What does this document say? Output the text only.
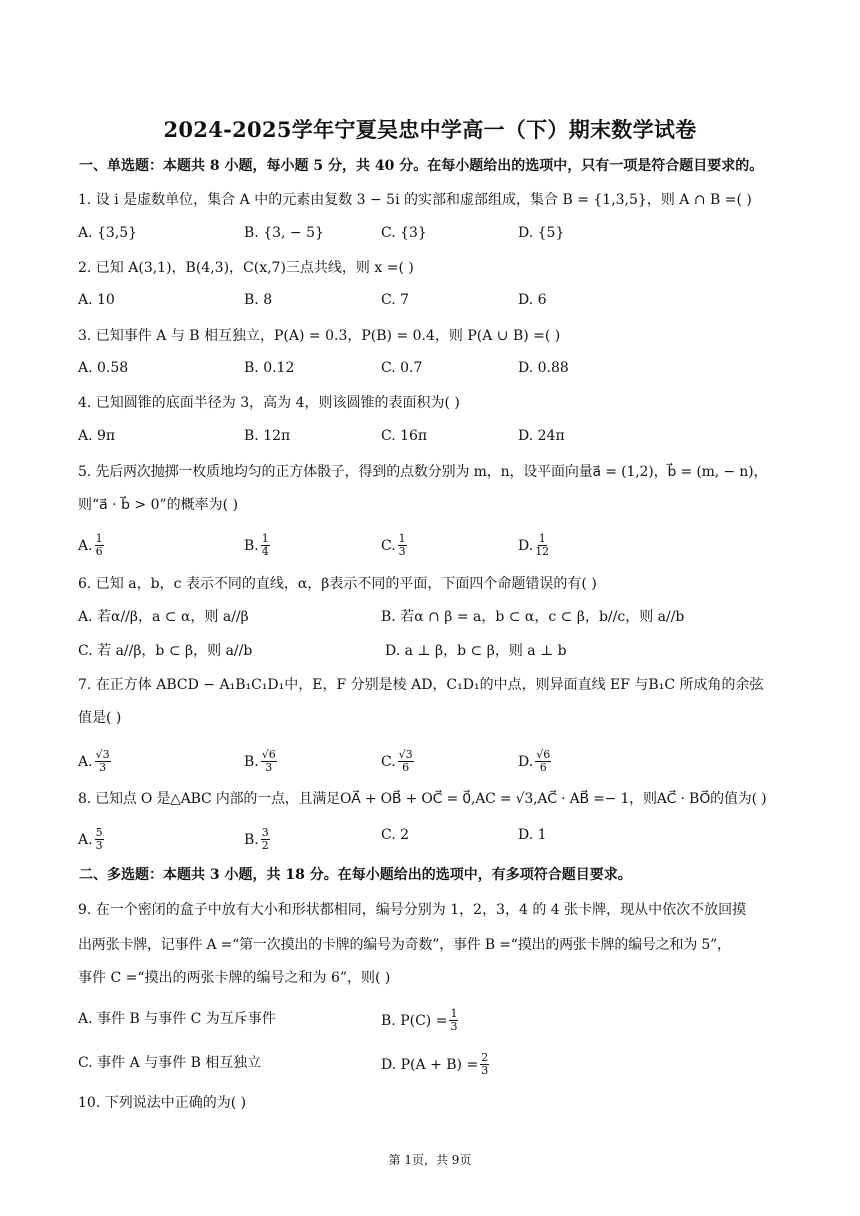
2024-2025学年宁夏吴忠中学高一（下）期末数学试卷
一、单选题：本题共 8 小题，每小题 5 分，共 40 分。在每小题给出的选项中，只有一项是符合题目要求的。
1. 设 i 是虚数单位，集合 A 中的元素由复数 3 − 5i 的实部和虚部组成，集合 B = {1,3,5}，则 A ∩ B =( )
A. {3,5}	B. {3, − 5}	C. {3}	D. {5}
2. 已知 A(3,1)，B(4,3)，C(x,7)三点共线，则 x =( )
A. 10	B. 8	C. 7	D. 6
3. 已知事件 A 与 B 相互独立，P(A) = 0.3，P(B) = 0.4，则 P(A ∪ B) =( )
A. 0.58	B. 0.12	C. 0.7	D. 0.88
4. 已知圆锥的底面半径为 3，高为 4，则该圆锥的表面积为( )
A. 9π	B. 12π	C. 16π	D. 24π
5. 先后两次抛掷一枚质地均匀的正方体骰子，得到的点数分别为 m，n，设平面向量a⃗ = (1,2)，b⃗ = (m, − n)，
则“a⃗ · b⃗ > 0”的概率为( )
A. $\frac{1}{6}$	B. $\frac{1}{4}$	C. $\frac{1}{3}$	D. $\frac{1}{12}$
6. 已知 a，b，c 表示不同的直线，α，β表示不同的平面，下面四个命题错误的有( )
A. 若α//β，a ⊂ α，则 a//β	B. 若α ∩ β = a，b ⊂ α，c ⊂ β，b//c，则 a//b
C. 若 a//β，b ⊂ β，则 a//b	D. a ⊥ β，b ⊂ β，则 a ⊥ b
7. 在正方体 ABCD − A₁B₁C₁D₁中，E，F 分别是棱 AD，C₁D₁的中点，则异面直线 EF 与B₁C 所成角的余弦
值是( )
A. $\frac{√3}{3}$	B. $\frac{√6}{3}$	C. $\frac{√3}{6}$	D. $\frac{√6}{6}$
8. 已知点 O 是△ABC 内部的一点，且满足OA⃗ + OB⃗ + OC⃗ = 0⃗,AC = √3,AC⃗ · AB⃗ =− 1，则AC⃗ · BO⃗的值为( )
A. $\frac{5}{3}$	B. $\frac{3}{2}$	C. 2	D. 1
二、多选题：本题共 3 小题，共 18 分。在每小题给出的选项中，有多项符合题目要求。
9. 在一个密闭的盒子中放有大小和形状都相同，编号分别为 1，2，3，4 的 4 张卡牌，现从中依次不放回摸
出两张卡牌，记事件 A =“第一次摸出的卡牌的编号为奇数”，事件 B =“摸出的两张卡牌的编号之和为 5”，
事件 C =“摸出的两张卡牌的编号之和为 6”，则( )
A. 事件 B 与事件 C 为互斥事件	B. $P(C) = \frac{1}{3}$
C. 事件 A 与事件 B 相互独立	D. $P(A + B) = \frac{2}{3}$
10. 下列说法中正确的为( )
第 1页，共 9页
